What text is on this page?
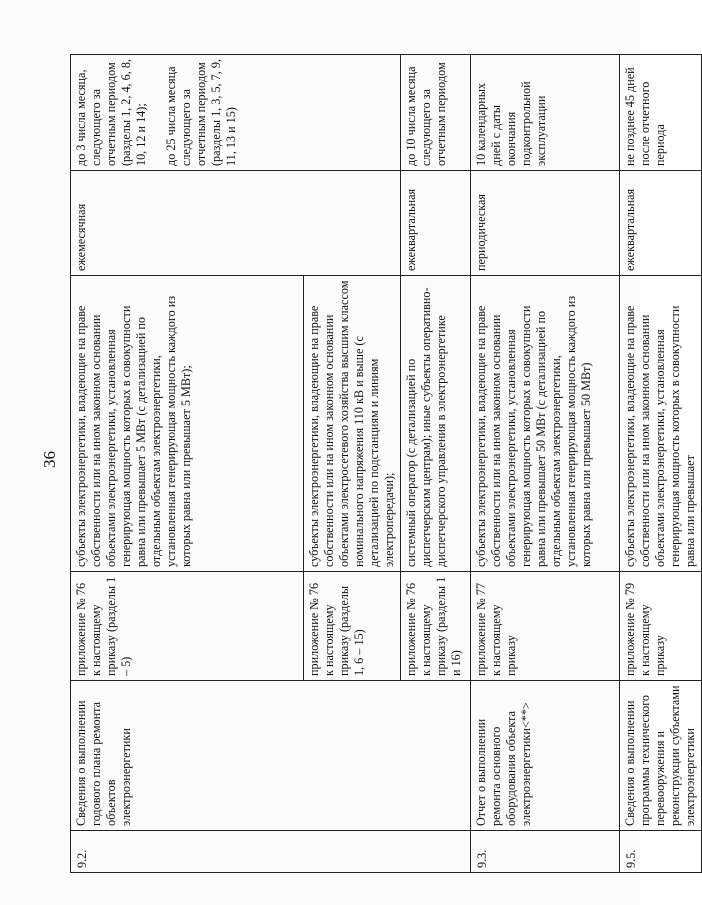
36
9.2.	Сведения о выполнении годового плана ремонта объектов электроэнергетики	приложение № 76 к настоящему приказу (разделы 1 – 5)	субъекты электроэнергетики, владеющие на праве собственности или на ином законном основании объектами электроэнергетики, установленная генерирующая мощность которых в совокупности равна или превышает 5 МВт (с детализацией по отдельным объектам электроэнергетики, установленная генерирующая мощность каждого из которых равна или превышает 5 МВт);	ежемесячная	до 3 числа месяца, следующего за отчетным периодом (разделы 1, 2, 4, 6, 8, 10, 12 и 14);

до 25 числа месяца следующего за отчетным периодом (разделы 1, 3, 5, 7, 9, 11, 13 и 15)
		приложение № 76 к настоящему приказу (разделы 1, 6 – 15)	субъекты электроэнергетики, владеющие на праве собственности или на ином законном основании объектами электросетевого хозяйства высшим классом номинального напряжения 110 кВ и выше (с детализацией по подстанциям и линиям электропередачи);		
		приложение № 76 к настоящему приказу (разделы 1 и 16)	системный оператор (с детализацией по диспетчерским центрам); иные субъекты оперативно-диспетчерского управления в электроэнергетике	ежеквартальная	до 10 числа месяца следующего за отчетным периодом
9.3.	Отчет о выполнении ремонта основного оборудования объекта электроэнергетики<**>	приложение № 77 к настоящему приказу	субъекты электроэнергетики, владеющие на праве собственности или на ином законном основании объектами электроэнергетики, установленная генерирующая мощность которых в совокупности равна или превышает 50 МВт (с детализацией по отдельным объектам электроэнергетики, установленная генерирующая мощность каждого из которых равна или превышает 50 МВт)	периодическая	10 календарных дней с даты окончания подконтрольной эксплуатации
9.5.	Сведения о выполнении программы технического перевооружения и реконструкции субъектами электроэнергетики	приложение № 79 к настоящему приказу	субъекты электроэнергетики, владеющие на праве собственности или на ином законном основании объектами электроэнергетики, установленная генерирующая мощность которых в совокупности равна или превышает	ежеквартальная	не позднее 45 дней после отчетного периода
